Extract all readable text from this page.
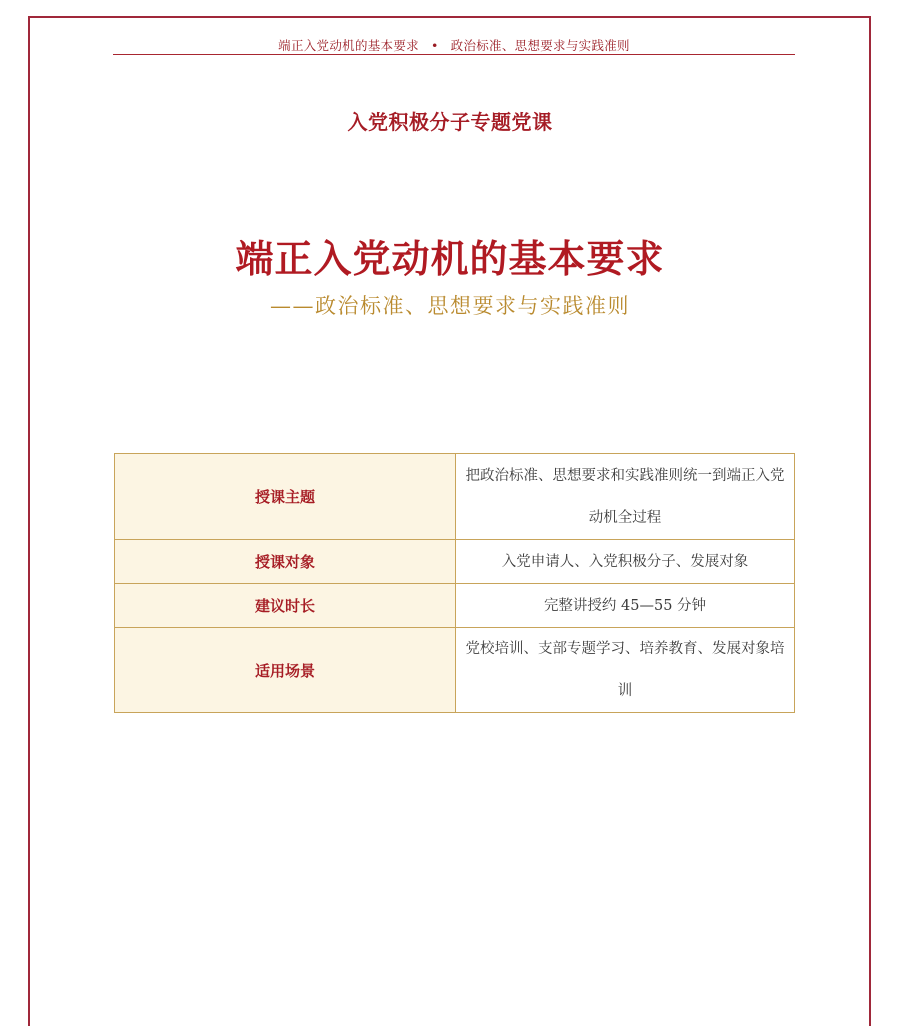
端正入党动机的基本要求 • 政治标准、思想要求与实践准则
入党积极分子专题党课
端正入党动机的基本要求
——政治标准、思想要求与实践准则
授课主题	把政治标准、思想要求和实践准则统一到端正入党动机全过程
授课对象	入党申请人、入党积极分子、发展对象
建议时长	完整讲授约 45—55 分钟
适用场景	党校培训、支部专题学习、培养教育、发展对象培训
